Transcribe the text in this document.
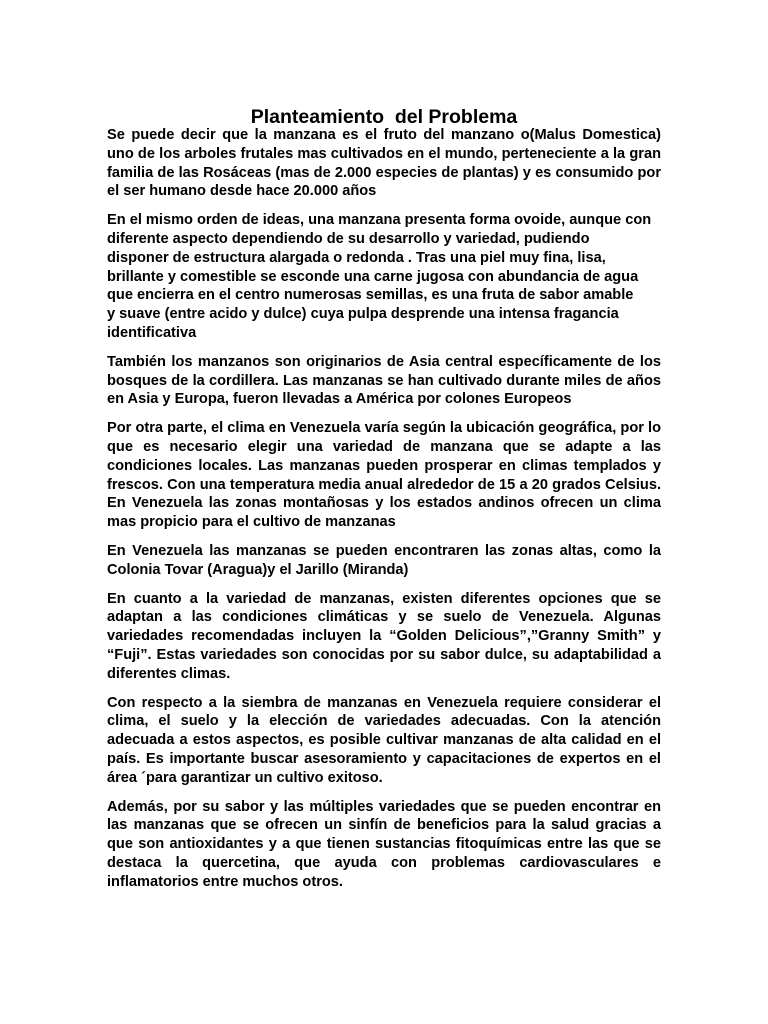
Planteamiento  del Problema

Se puede decir que la manzana es el fruto del manzano o(Malus Domestica) uno de los arboles frutales mas cultivados en el mundo, perteneciente a la gran familia de las Rosáceas (mas de 2.000 especies de plantas) y es consumido por el ser humano desde hace 20.000 años

En el mismo orden de ideas, una manzana presenta forma ovoide, aunque con diferente aspecto dependiendo de su desarrollo y variedad, pudiendo
disponer de estructura alargada o redonda . Tras una piel muy fina, lisa,
brillante y comestible se esconde una carne jugosa con abundancia de agua
que encierra en el centro numerosas semillas, es una fruta de sabor amable
y suave (entre acido y dulce) cuya pulpa desprende una intensa fragancia
identificativa

También los manzanos son originarios de Asia central específicamente de los bosques de la cordillera. Las manzanas se han cultivado durante miles de años en Asia y Europa, fueron llevadas a América por colones Europeos

Por otra parte, el clima en Venezuela varía según la ubicación geográfica, por lo que es necesario elegir una variedad de manzana que se adapte a las condiciones locales. Las manzanas pueden prosperar en climas templados y frescos. Con una temperatura media anual alrededor de 15 a 20 grados Celsius. En Venezuela las zonas montañosas y los estados andinos ofrecen un clima mas propicio para el cultivo de manzanas

En Venezuela las manzanas se pueden encontraren las zonas altas, como la Colonia Tovar (Aragua)y el Jarillo (Miranda)

En cuanto a la variedad de manzanas, existen diferentes opciones que se adaptan a las condiciones climáticas y se suelo de Venezuela. Algunas variedades recomendadas incluyen la “Golden Delicious”,”Granny Smith” y “Fuji”. Estas variedades son conocidas por su sabor dulce, su adaptabilidad a diferentes climas.

Con respecto a la siembra de manzanas en Venezuela requiere considerar el clima, el suelo y la elección de variedades adecuadas. Con la atención adecuada a estos aspectos, es posible cultivar manzanas de alta calidad en el país. Es importante buscar asesoramiento y capacitaciones de expertos en el área ´para garantizar un cultivo exitoso.

Además, por su sabor y las múltiples variedades que se pueden encontrar en las manzanas que se ofrecen un sinfín de beneficios para la salud gracias a que son antioxidantes y a que tienen sustancias fitoquímicas entre las que se destaca la quercetina, que ayuda con problemas cardiovasculares e inflamatorios entre muchos otros.
